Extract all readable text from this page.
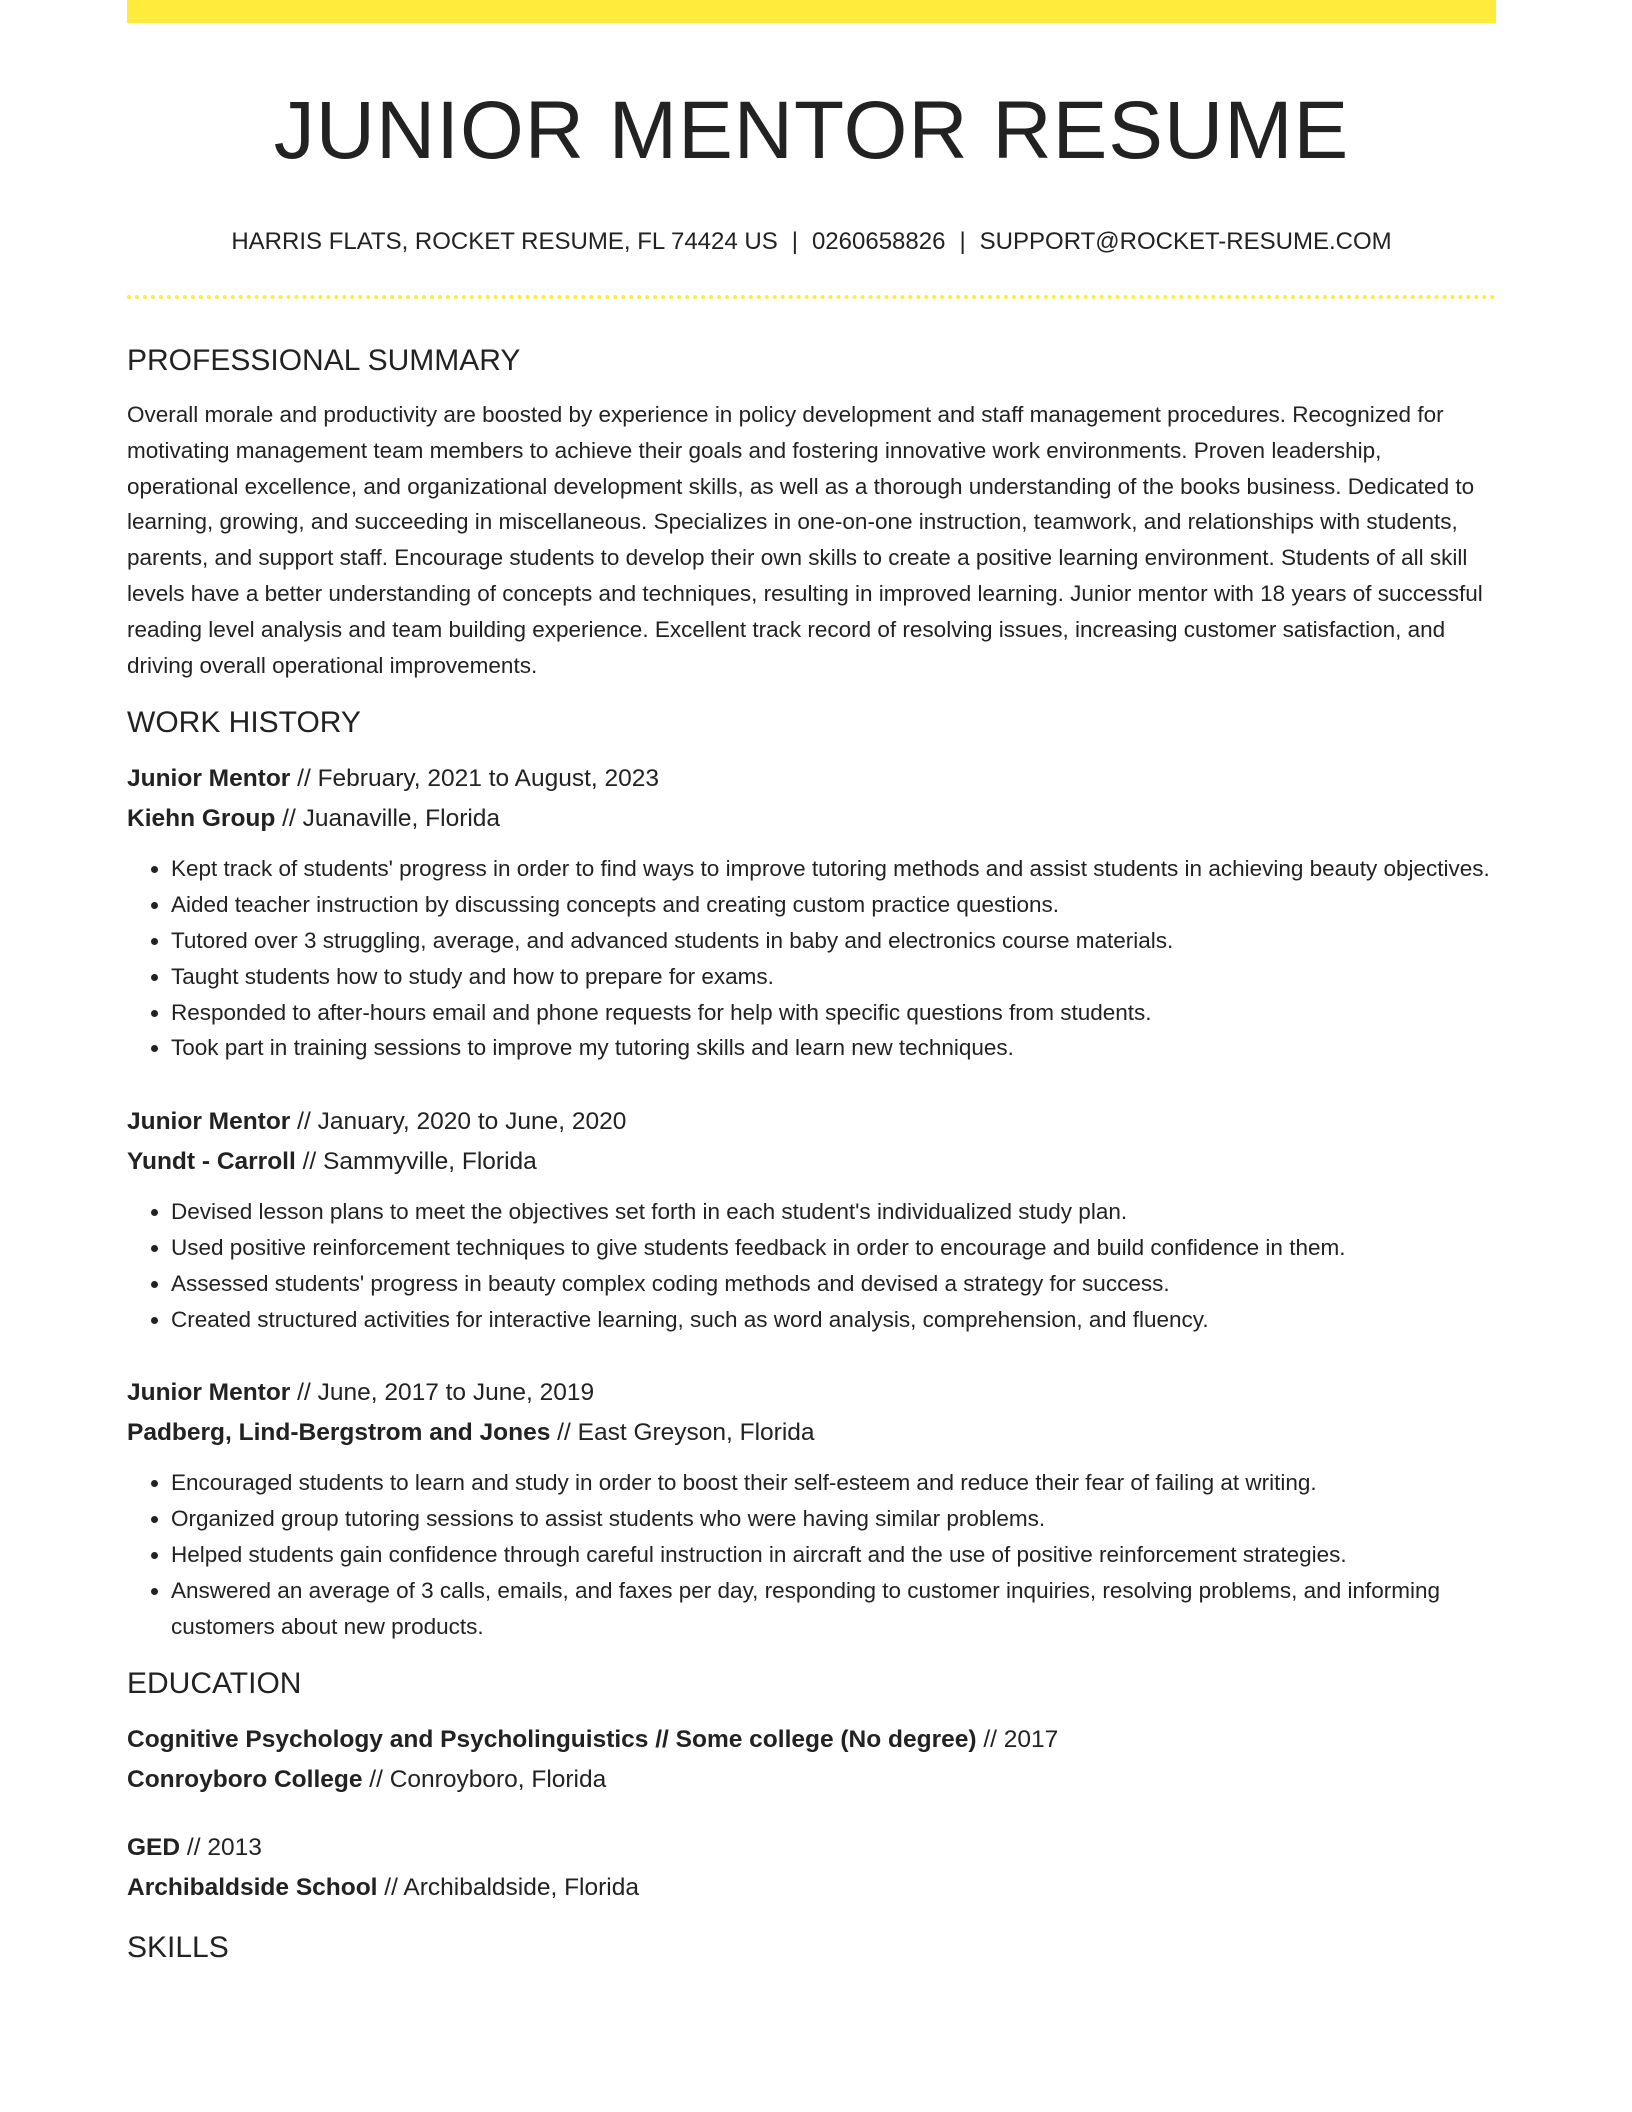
JUNIOR MENTOR RESUME
HARRIS FLATS, ROCKET RESUME, FL 74424 US | 0260658826 | SUPPORT@ROCKET-RESUME.COM
PROFESSIONAL SUMMARY
Overall morale and productivity are boosted by experience in policy development and staff management procedures. Recognized for motivating management team members to achieve their goals and fostering innovative work environments. Proven leadership, operational excellence, and organizational development skills, as well as a thorough understanding of the books business. Dedicated to learning, growing, and succeeding in miscellaneous. Specializes in one-on-one instruction, teamwork, and relationships with students, parents, and support staff. Encourage students to develop their own skills to create a positive learning environment. Students of all skill levels have a better understanding of concepts and techniques, resulting in improved learning. Junior mentor with 18 years of successful reading level analysis and team building experience. Excellent track record of resolving issues, increasing customer satisfaction, and driving overall operational improvements.
WORK HISTORY
Junior Mentor // February, 2021 to August, 2023
Kiehn Group // Juanaville, Florida
• Kept track of students' progress in order to find ways to improve tutoring methods and assist students in achieving beauty objectives.
• Aided teacher instruction by discussing concepts and creating custom practice questions.
• Tutored over 3 struggling, average, and advanced students in baby and electronics course materials.
• Taught students how to study and how to prepare for exams.
• Responded to after-hours email and phone requests for help with specific questions from students.
• Took part in training sessions to improve my tutoring skills and learn new techniques.
Junior Mentor // January, 2020 to June, 2020
Yundt - Carroll // Sammyville, Florida
• Devised lesson plans to meet the objectives set forth in each student's individualized study plan.
• Used positive reinforcement techniques to give students feedback in order to encourage and build confidence in them.
• Assessed students' progress in beauty complex coding methods and devised a strategy for success.
• Created structured activities for interactive learning, such as word analysis, comprehension, and fluency.
Junior Mentor // June, 2017 to June, 2019
Padberg, Lind-Bergstrom and Jones // East Greyson, Florida
• Encouraged students to learn and study in order to boost their self-esteem and reduce their fear of failing at writing.
• Organized group tutoring sessions to assist students who were having similar problems.
• Helped students gain confidence through careful instruction in aircraft and the use of positive reinforcement strategies.
• Answered an average of 3 calls, emails, and faxes per day, responding to customer inquiries, resolving problems, and informing customers about new products.
EDUCATION
Cognitive Psychology and Psycholinguistics // Some college (No degree) // 2017
Conroyboro College // Conroyboro, Florida
GED // 2013
Archibaldside School // Archibaldside, Florida
SKILLS
